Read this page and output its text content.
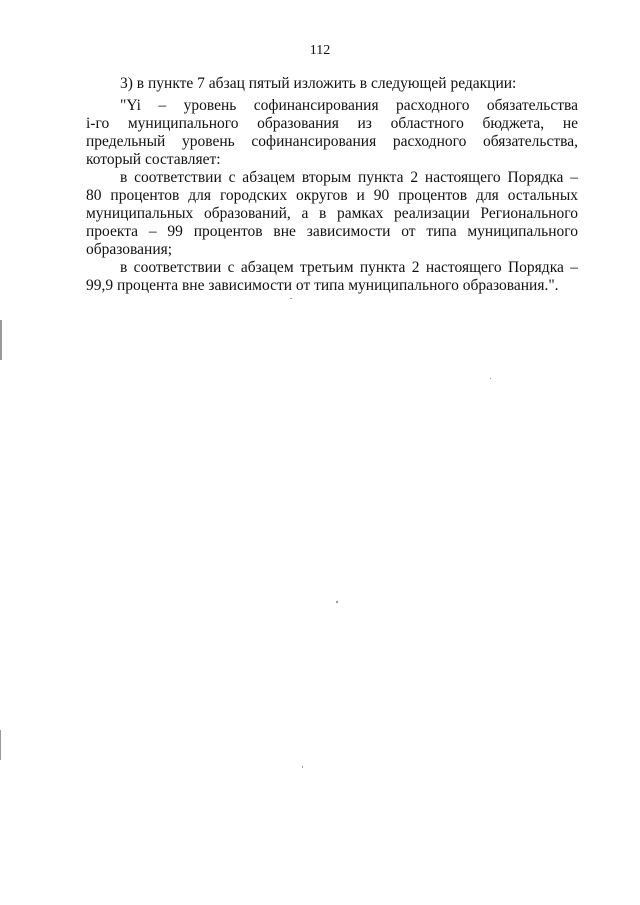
112
3) в пункте 7 абзац пятый изложить в следующей редакции:
"Yi – уровень софинансирования расходного обязательства
i-го муниципального образования из областного бюджета, не
предельный уровень софинансирования расходного обязательства,
который составляет:
в соответствии с абзацем вторым пункта 2 настоящего Порядка –
80 процентов для городских округов и 90 процентов для остальных
муниципальных образований, а в рамках реализации Регионального
проекта – 99 процентов вне зависимости от типа муниципального
образования;
в соответствии с абзацем третьим пункта 2 настоящего Порядка –
99,9 процента вне зависимости от типа муниципального образования.".
